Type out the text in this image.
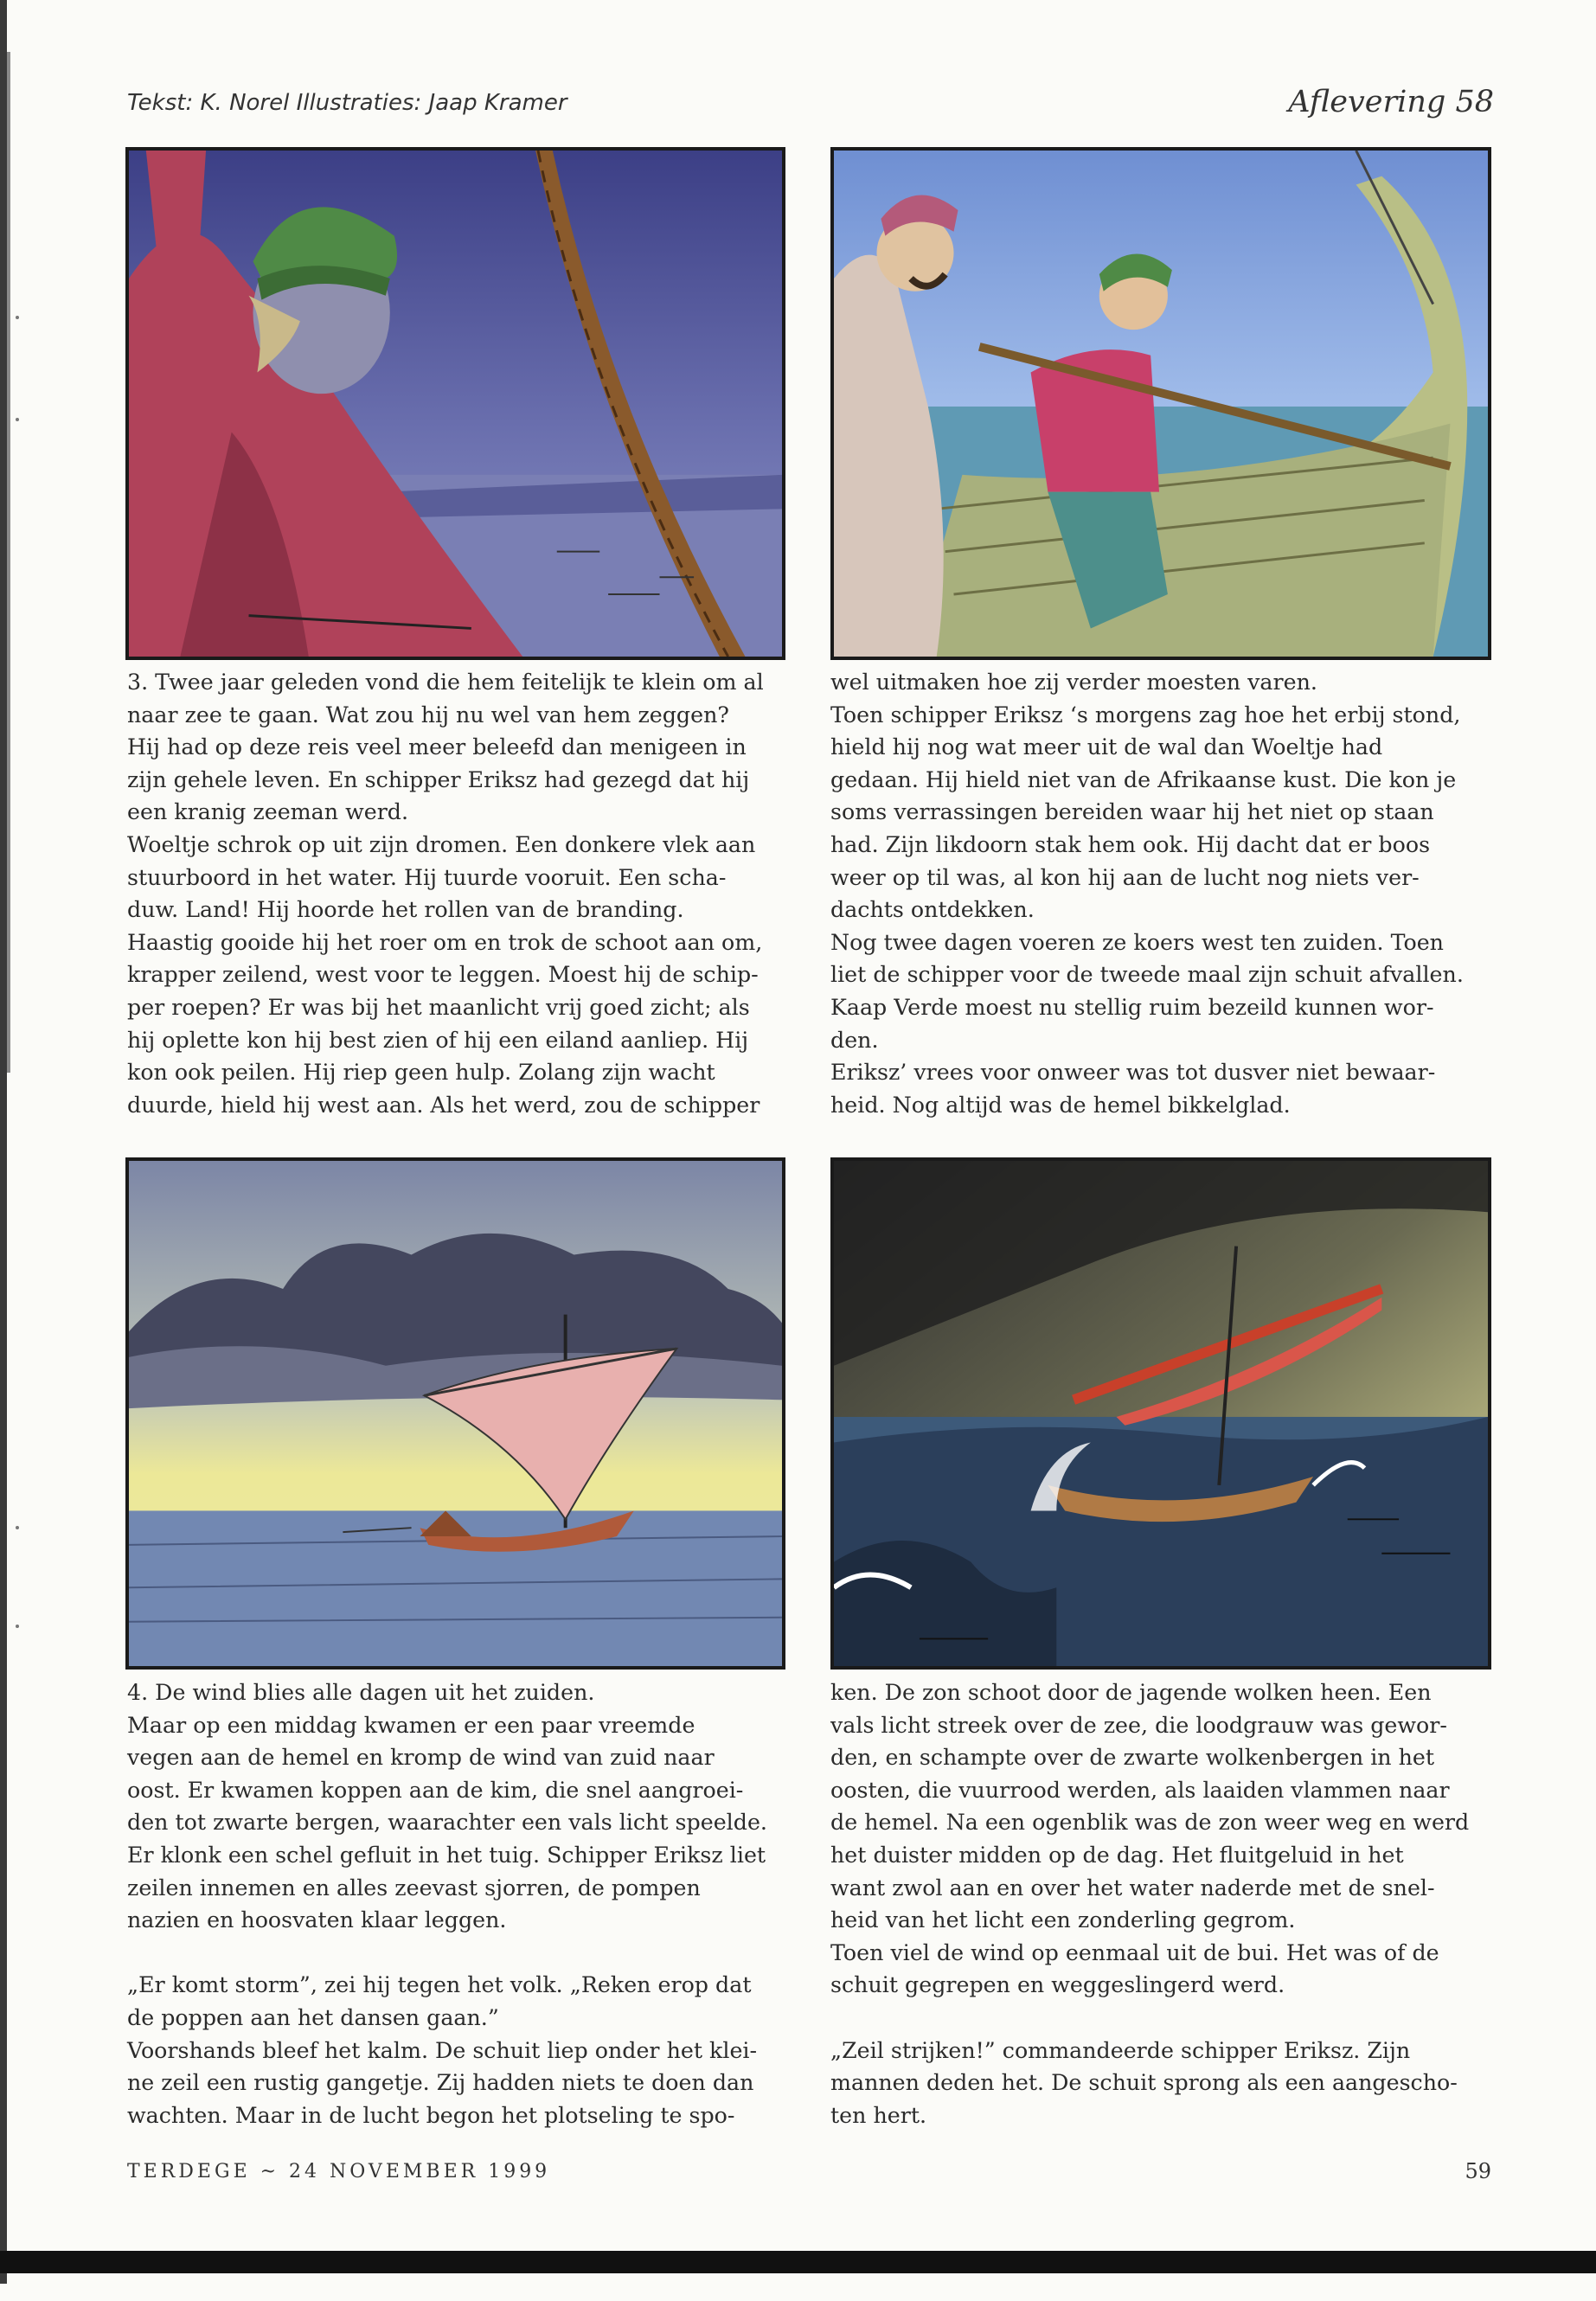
Tekst: K. Norel Illustraties: Jaap Kramer	Aflevering 58

3. Twee jaar geleden vond die hem feitelijk te klein om al

naar zee te gaan. Wat zou hij nu wel van hem zeggen?

Hij had op deze reis veel meer beleefd dan menigeen in

zijn gehele leven. En schipper Eriksz had gezegd dat hij

een kranig zeeman werd.

Woeltje schrok op uit zijn dromen. Een donkere vlek aan

stuurboord in het water. Hij tuurde vooruit. Een scha-

duw. Land! Hij hoorde het rollen van de branding.

Haastig gooide hij het roer om en trok de schoot aan om,

krapper zeilend, west voor te leggen. Moest hij de schip-

per roepen? Er was bij het maanlicht vrij goed zicht; als

hij oplette kon hij best zien of hij een eiland aanliep. Hij

kon ook peilen. Hij riep geen hulp. Zolang zijn wacht

duurde, hield hij west aan. Als het werd, zou de schipper

wel uitmaken hoe zij verder moesten varen.

Toen schipper Eriksz ‘s morgens zag hoe het erbij stond,

hield hij nog wat meer uit de wal dan Woeltje had

gedaan. Hij hield niet van de Afrikaanse kust. Die kon je

soms verrassingen bereiden waar hij het niet op staan

had. Zijn likdoorn stak hem ook. Hij dacht dat er boos

weer op til was, al kon hij aan de lucht nog niets ver-

dachts ontdekken.

Nog twee dagen voeren ze koers west ten zuiden. Toen

liet de schipper voor de tweede maal zijn schuit afvallen.

Kaap Verde moest nu stellig ruim bezeild kunnen wor-

den.

Eriksz’ vrees voor onweer was tot dusver niet bewaar-

heid. Nog altijd was de hemel bikkelglad.

4. De wind blies alle dagen uit het zuiden.

Maar op een middag kwamen er een paar vreemde

vegen aan de hemel en kromp de wind van zuid naar

oost. Er kwamen koppen aan de kim, die snel aangroei-

den tot zwarte bergen, waarachter een vals licht speelde.

Er klonk een schel gefluit in het tuig. Schipper Eriksz liet

zeilen innemen en alles zeevast sjorren, de pompen

nazien en hoosvaten klaar leggen.

„Er komt storm”, zei hij tegen het volk. „Reken erop dat

de poppen aan het dansen gaan.”

Voorshands bleef het kalm. De schuit liep onder het klei-

ne zeil een rustig gangetje. Zij hadden niets te doen dan

wachten. Maar in de lucht begon het plotseling te spo-

ken. De zon schoot door de jagende wolken heen. Een

vals licht streek over de zee, die loodgrauw was gewor-

den, en schampte over de zwarte wolkenbergen in het

oosten, die vuurrood werden, als laaiden vlammen naar

de hemel. Na een ogenblik was de zon weer weg en werd

het duister midden op de dag. Het fluitgeluid in het

want zwol aan en over het water naderde met de snel-

heid van het licht een zonderling gegrom.

Toen viel de wind op eenmaal uit de bui. Het was of de

schuit gegrepen en weggeslingerd werd.

„Zeil strijken!” commandeerde schipper Eriksz. Zijn

mannen deden het. De schuit sprong als een aangescho-

ten hert.

TERDEGE ~ 24 NOVEMBER 1999	59
